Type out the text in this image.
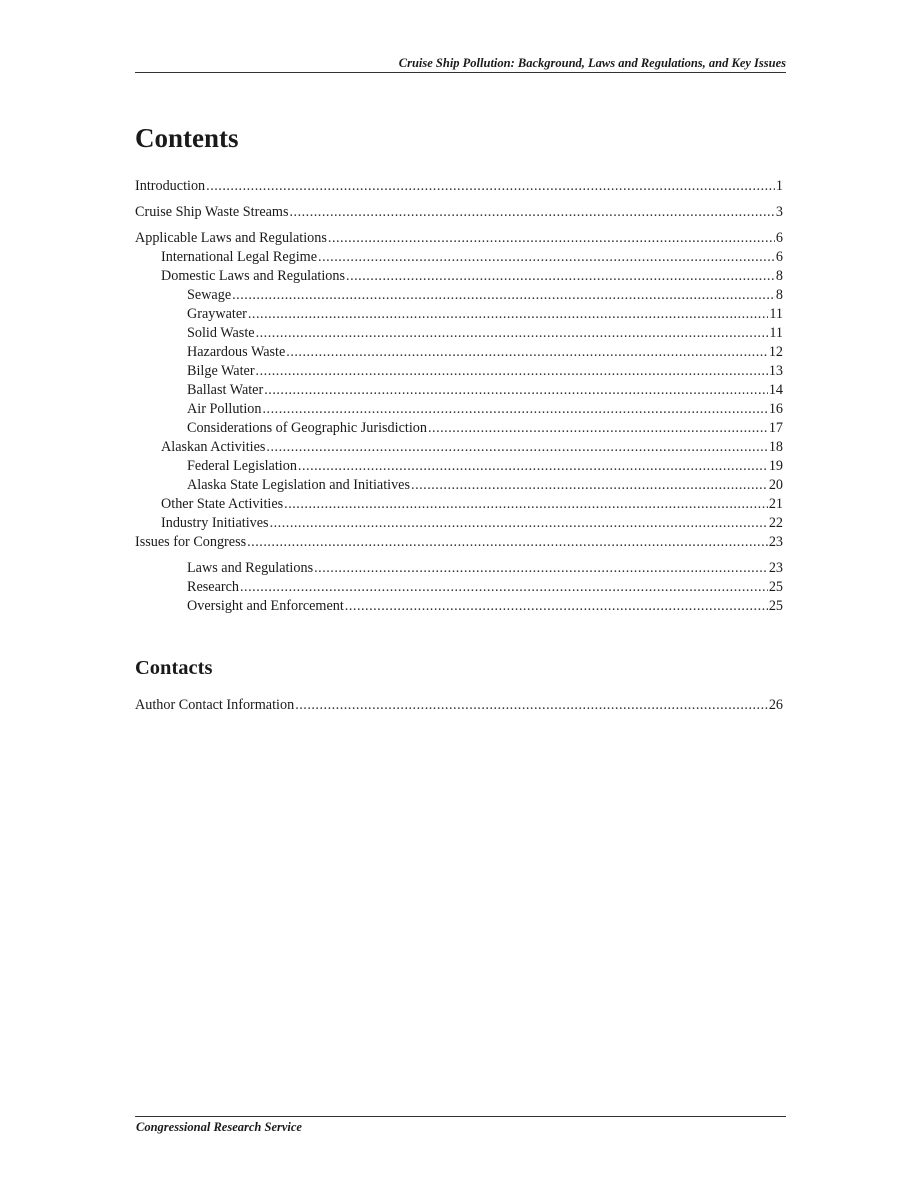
Cruise Ship Pollution: Background, Laws and Regulations, and Key Issues
Contents
Introduction .....	1
Cruise Ship Waste Streams .....	3
Applicable Laws and Regulations .....	6
International Legal Regime .....	6
Domestic Laws and Regulations .....	8
Sewage .....	8
Graywater .....	11
Solid Waste .....	11
Hazardous Waste .....	12
Bilge Water .....	13
Ballast Water .....	14
Air Pollution .....	16
Considerations of Geographic Jurisdiction .....	17
Alaskan Activities .....	18
Federal Legislation .....	19
Alaska State Legislation and Initiatives .....	20
Other State Activities .....	21
Industry Initiatives .....	22
Issues for Congress .....	23
Laws and Regulations .....	23
Research .....	25
Oversight and Enforcement .....	25
Contacts
Author Contact Information .....	26
Congressional Research Service
